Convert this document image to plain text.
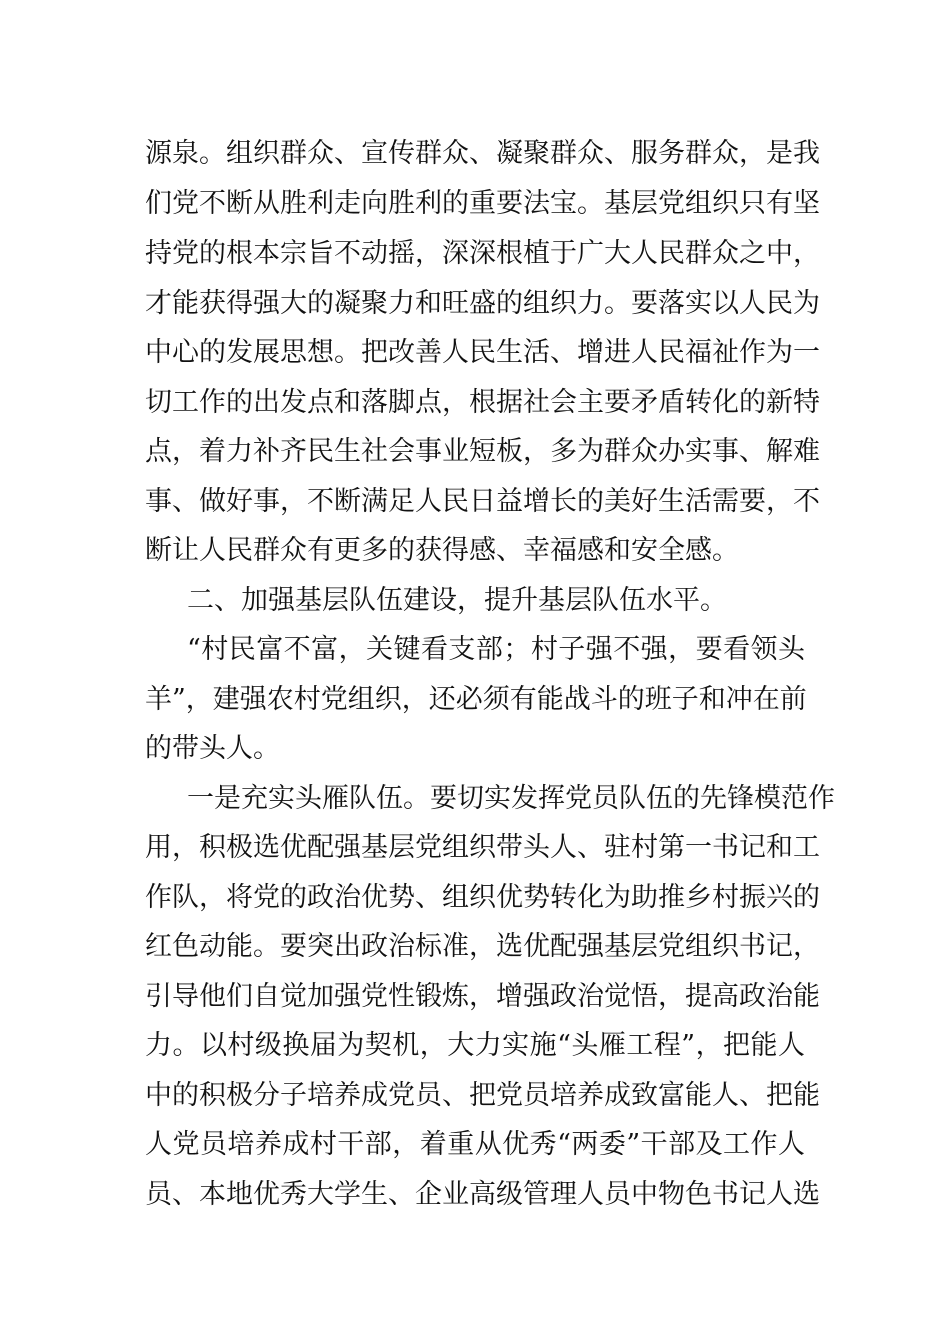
源泉。组织群众、宣传群众、凝聚群众、服务群众，是我
们党不断从胜利走向胜利的重要法宝。基层党组织只有坚
持党的根本宗旨不动摇，深深根植于广大人民群众之中，
才能获得强大的凝聚力和旺盛的组织力。要落实以人民为
中心的发展思想。把改善人民生活、增进人民福祉作为一
切工作的出发点和落脚点，根据社会主要矛盾转化的新特
点，着力补齐民生社会事业短板，多为群众办实事、解难
事、做好事，不断满足人民日益增长的美好生活需要，不
断让人民群众有更多的获得感、幸福感和安全感。
二、加强基层队伍建设，提升基层队伍水平。
“村民富不富，关键看支部；村子强不强，要看领头
羊”，建强农村党组织，还必须有能战斗的班子和冲在前
的带头人。
一是充实头雁队伍。要切实发挥党员队伍的先锋模范作
用，积极选优配强基层党组织带头人、驻村第一书记和工
作队，将党的政治优势、组织优势转化为助推乡村振兴的
红色动能。要突出政治标准，选优配强基层党组织书记，
引导他们自觉加强党性锻炼，增强政治觉悟，提高政治能
力。以村级换届为契机，大力实施“头雁工程”，把能人
中的积极分子培养成党员、把党员培养成致富能人、把能
人党员培养成村干部，着重从优秀“两委”干部及工作人
员、本地优秀大学生、企业高级管理人员中物色书记人选
